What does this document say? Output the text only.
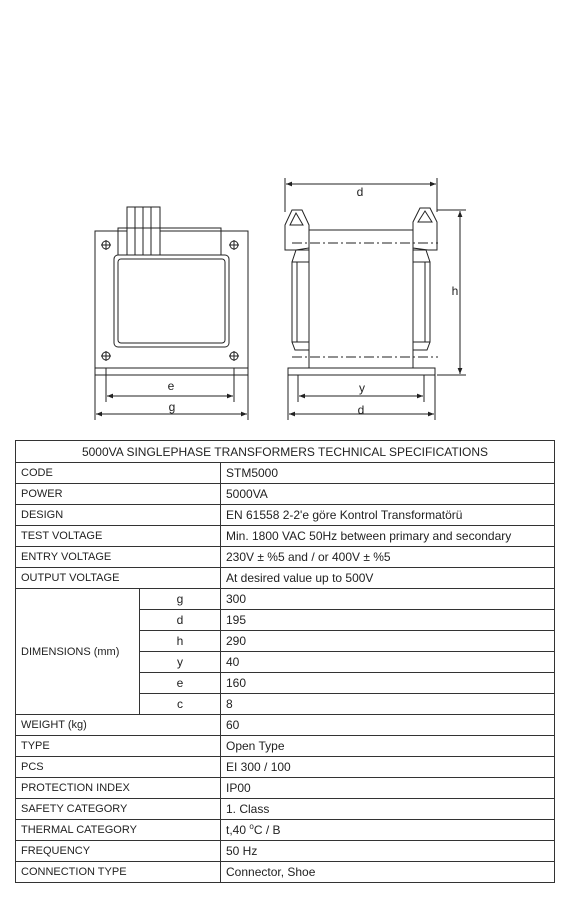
e
g
d
h
y
d
5000VA SINGLEPHASE TRANSFORMERS TECHNICAL SPECIFICATIONS		
CODE		STM5000
POWER		5000VA
DESIGN		EN 61558 2-2'e göre Kontrol Transformatörü
TEST VOLTAGE		Min. 1800 VAC 50Hz between primary and secondary
ENTRY VOLTAGE		230V ± %5 and / or 400V ± %5
OUTPUT VOLTAGE		At desired value up to 500V
DIMENSIONS (mm)	g	300
	d	195
	h	290
	y	40
	e	160
	c	8
WEIGHT (kg)		60
TYPE		Open Type
PCS		EI 300 / 100
PROTECTION INDEX		IP00
SAFETY CATEGORY		1. Class
THERMAL CATEGORY		t,40 $^o$C / B
FREQUENCY		50 Hz
CONNECTION TYPE		Connector, Shoe
